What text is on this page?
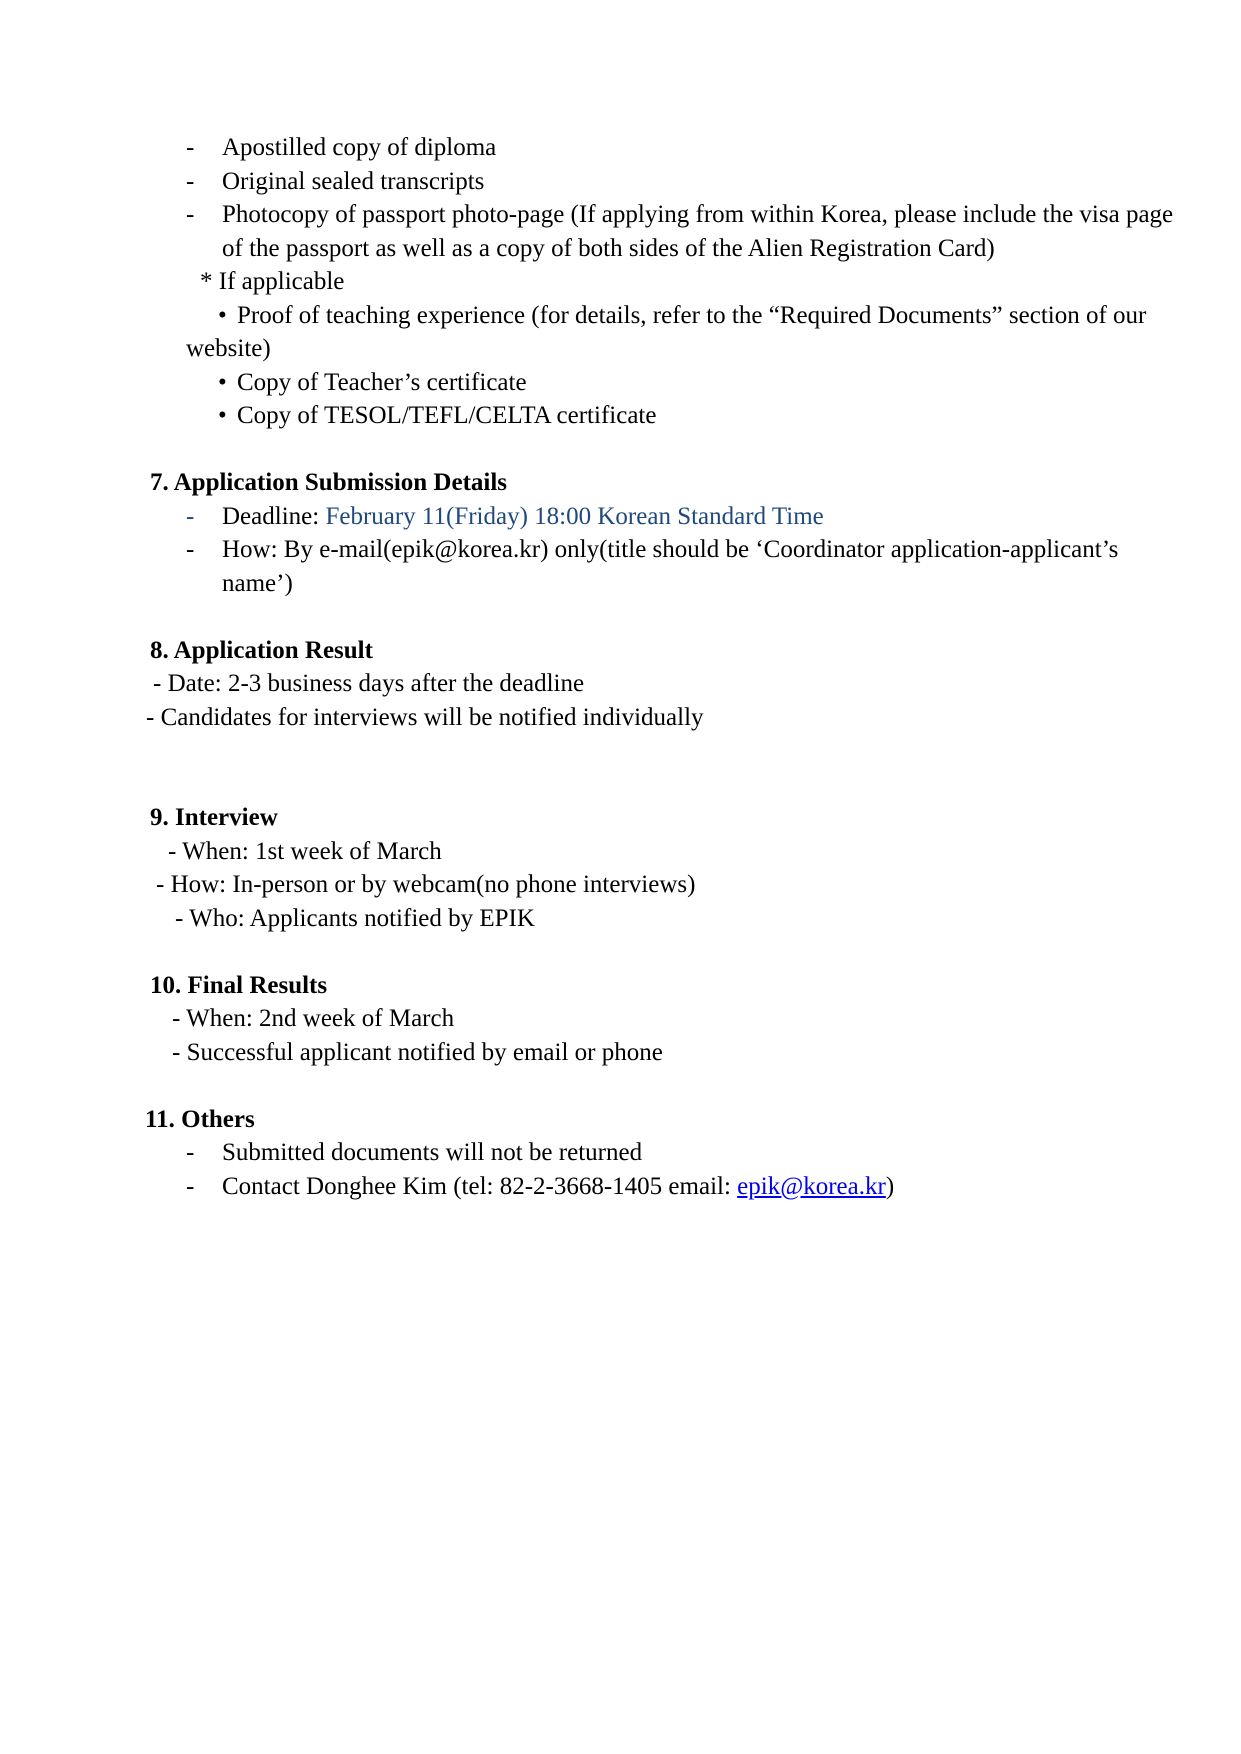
- Apostilled copy of diploma
- Original sealed transcripts
- Photocopy of passport photo-page (If applying from within Korea, please include the visa page
of the passport as well as a copy of both sides of the Alien Registration Card)
* If applicable
• Proof of teaching experience (for details, refer to the “Required Documents” section of our
website)
• Copy of Teacher’s certificate
• Copy of TESOL/TEFL/CELTA certificate
7. Application Submission Details
- Deadline: February 11(Friday) 18:00 Korean Standard Time
- How: By e-mail(epik@korea.kr) only(title should be ‘Coordinator application-applicant’s
name’)
8. Application Result
- Date: 2-3 business days after the deadline
- Candidates for interviews will be notified individually
9. Interview
- When: 1st week of March
- How: In-person or by webcam(no phone interviews)
- Who: Applicants notified by EPIK
10. Final Results
- When: 2nd week of March
- Successful applicant notified by email or phone
11. Others
- Submitted documents will not be returned
- Contact Donghee Kim (tel: 82-2-3668-1405 email: epik@korea.kr)
